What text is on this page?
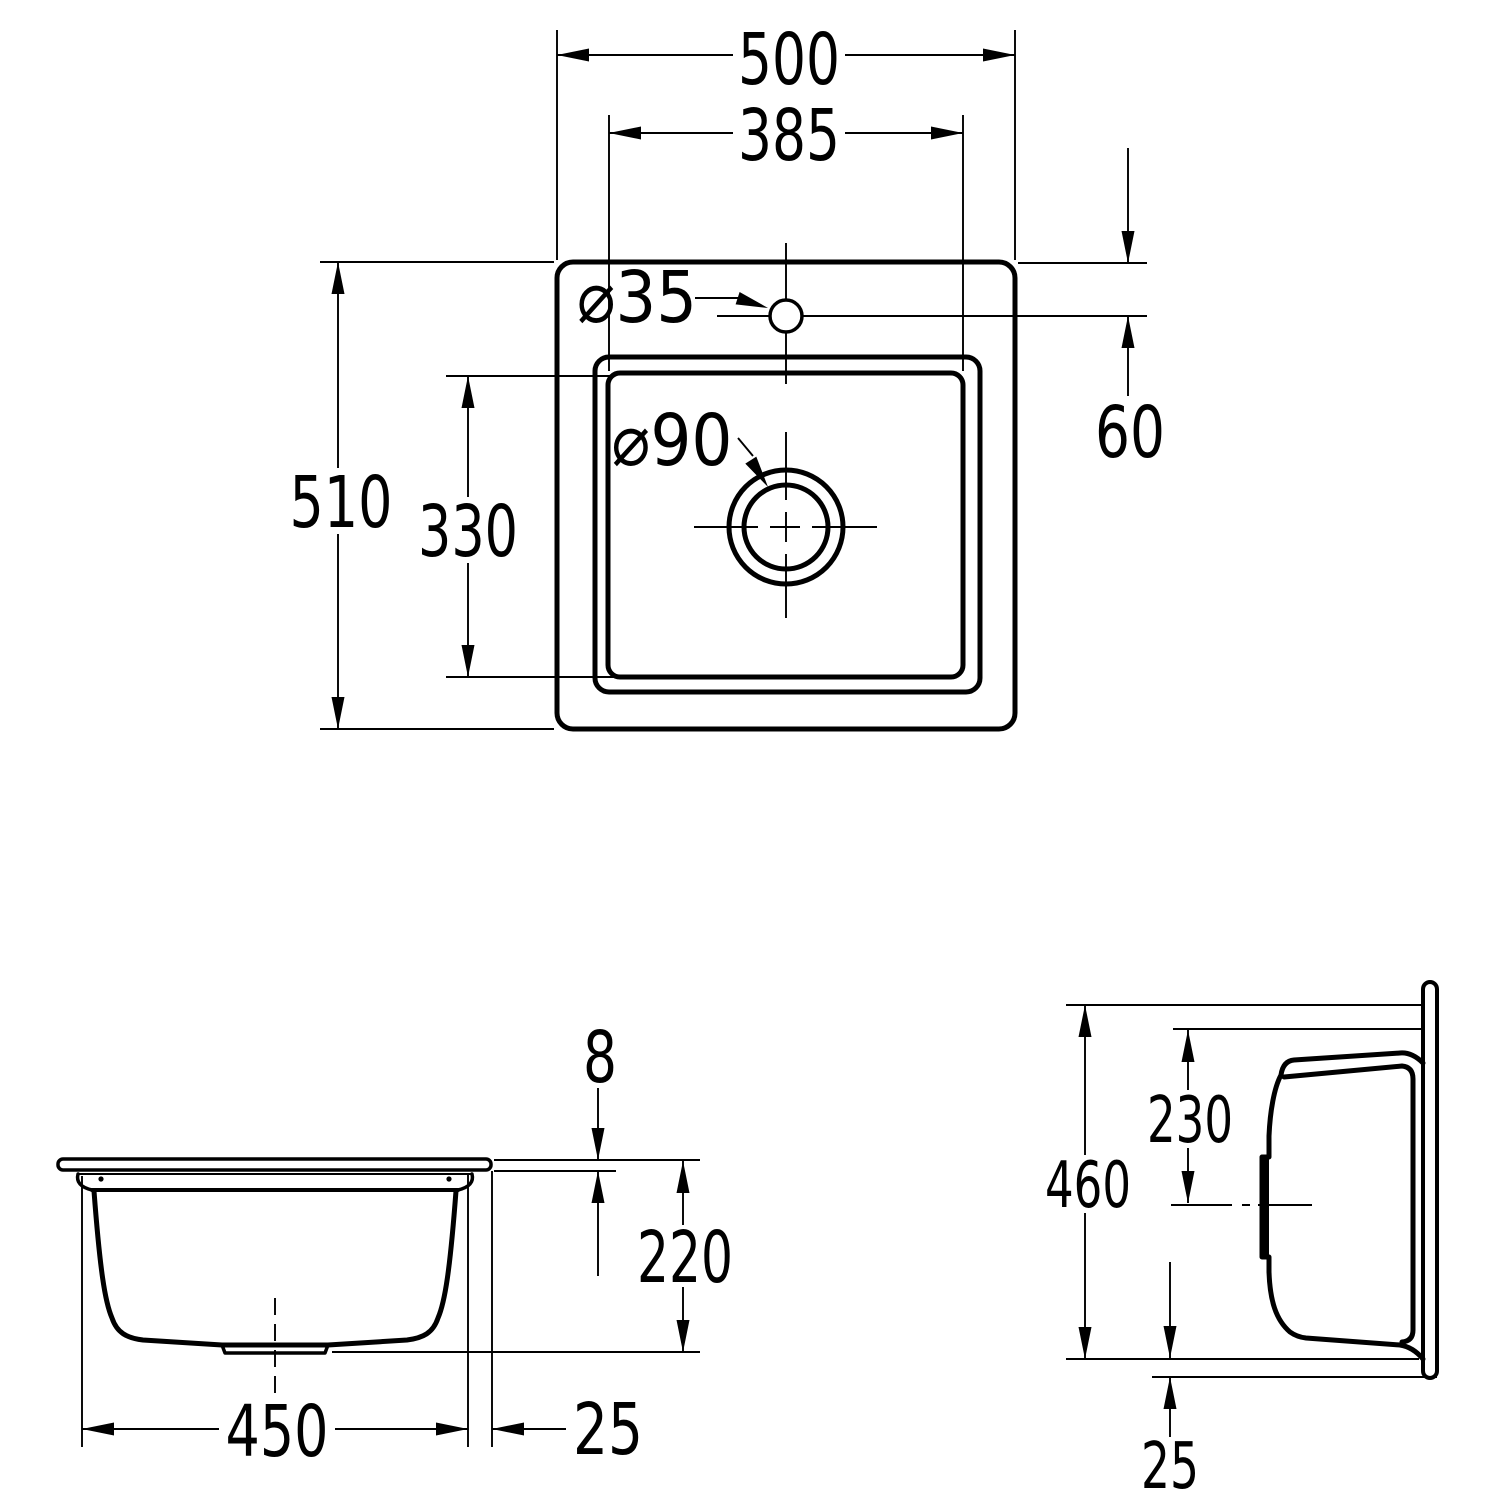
500
385
510 330
60
⌀35
⌀90
8
220
450	25
460
230
25
